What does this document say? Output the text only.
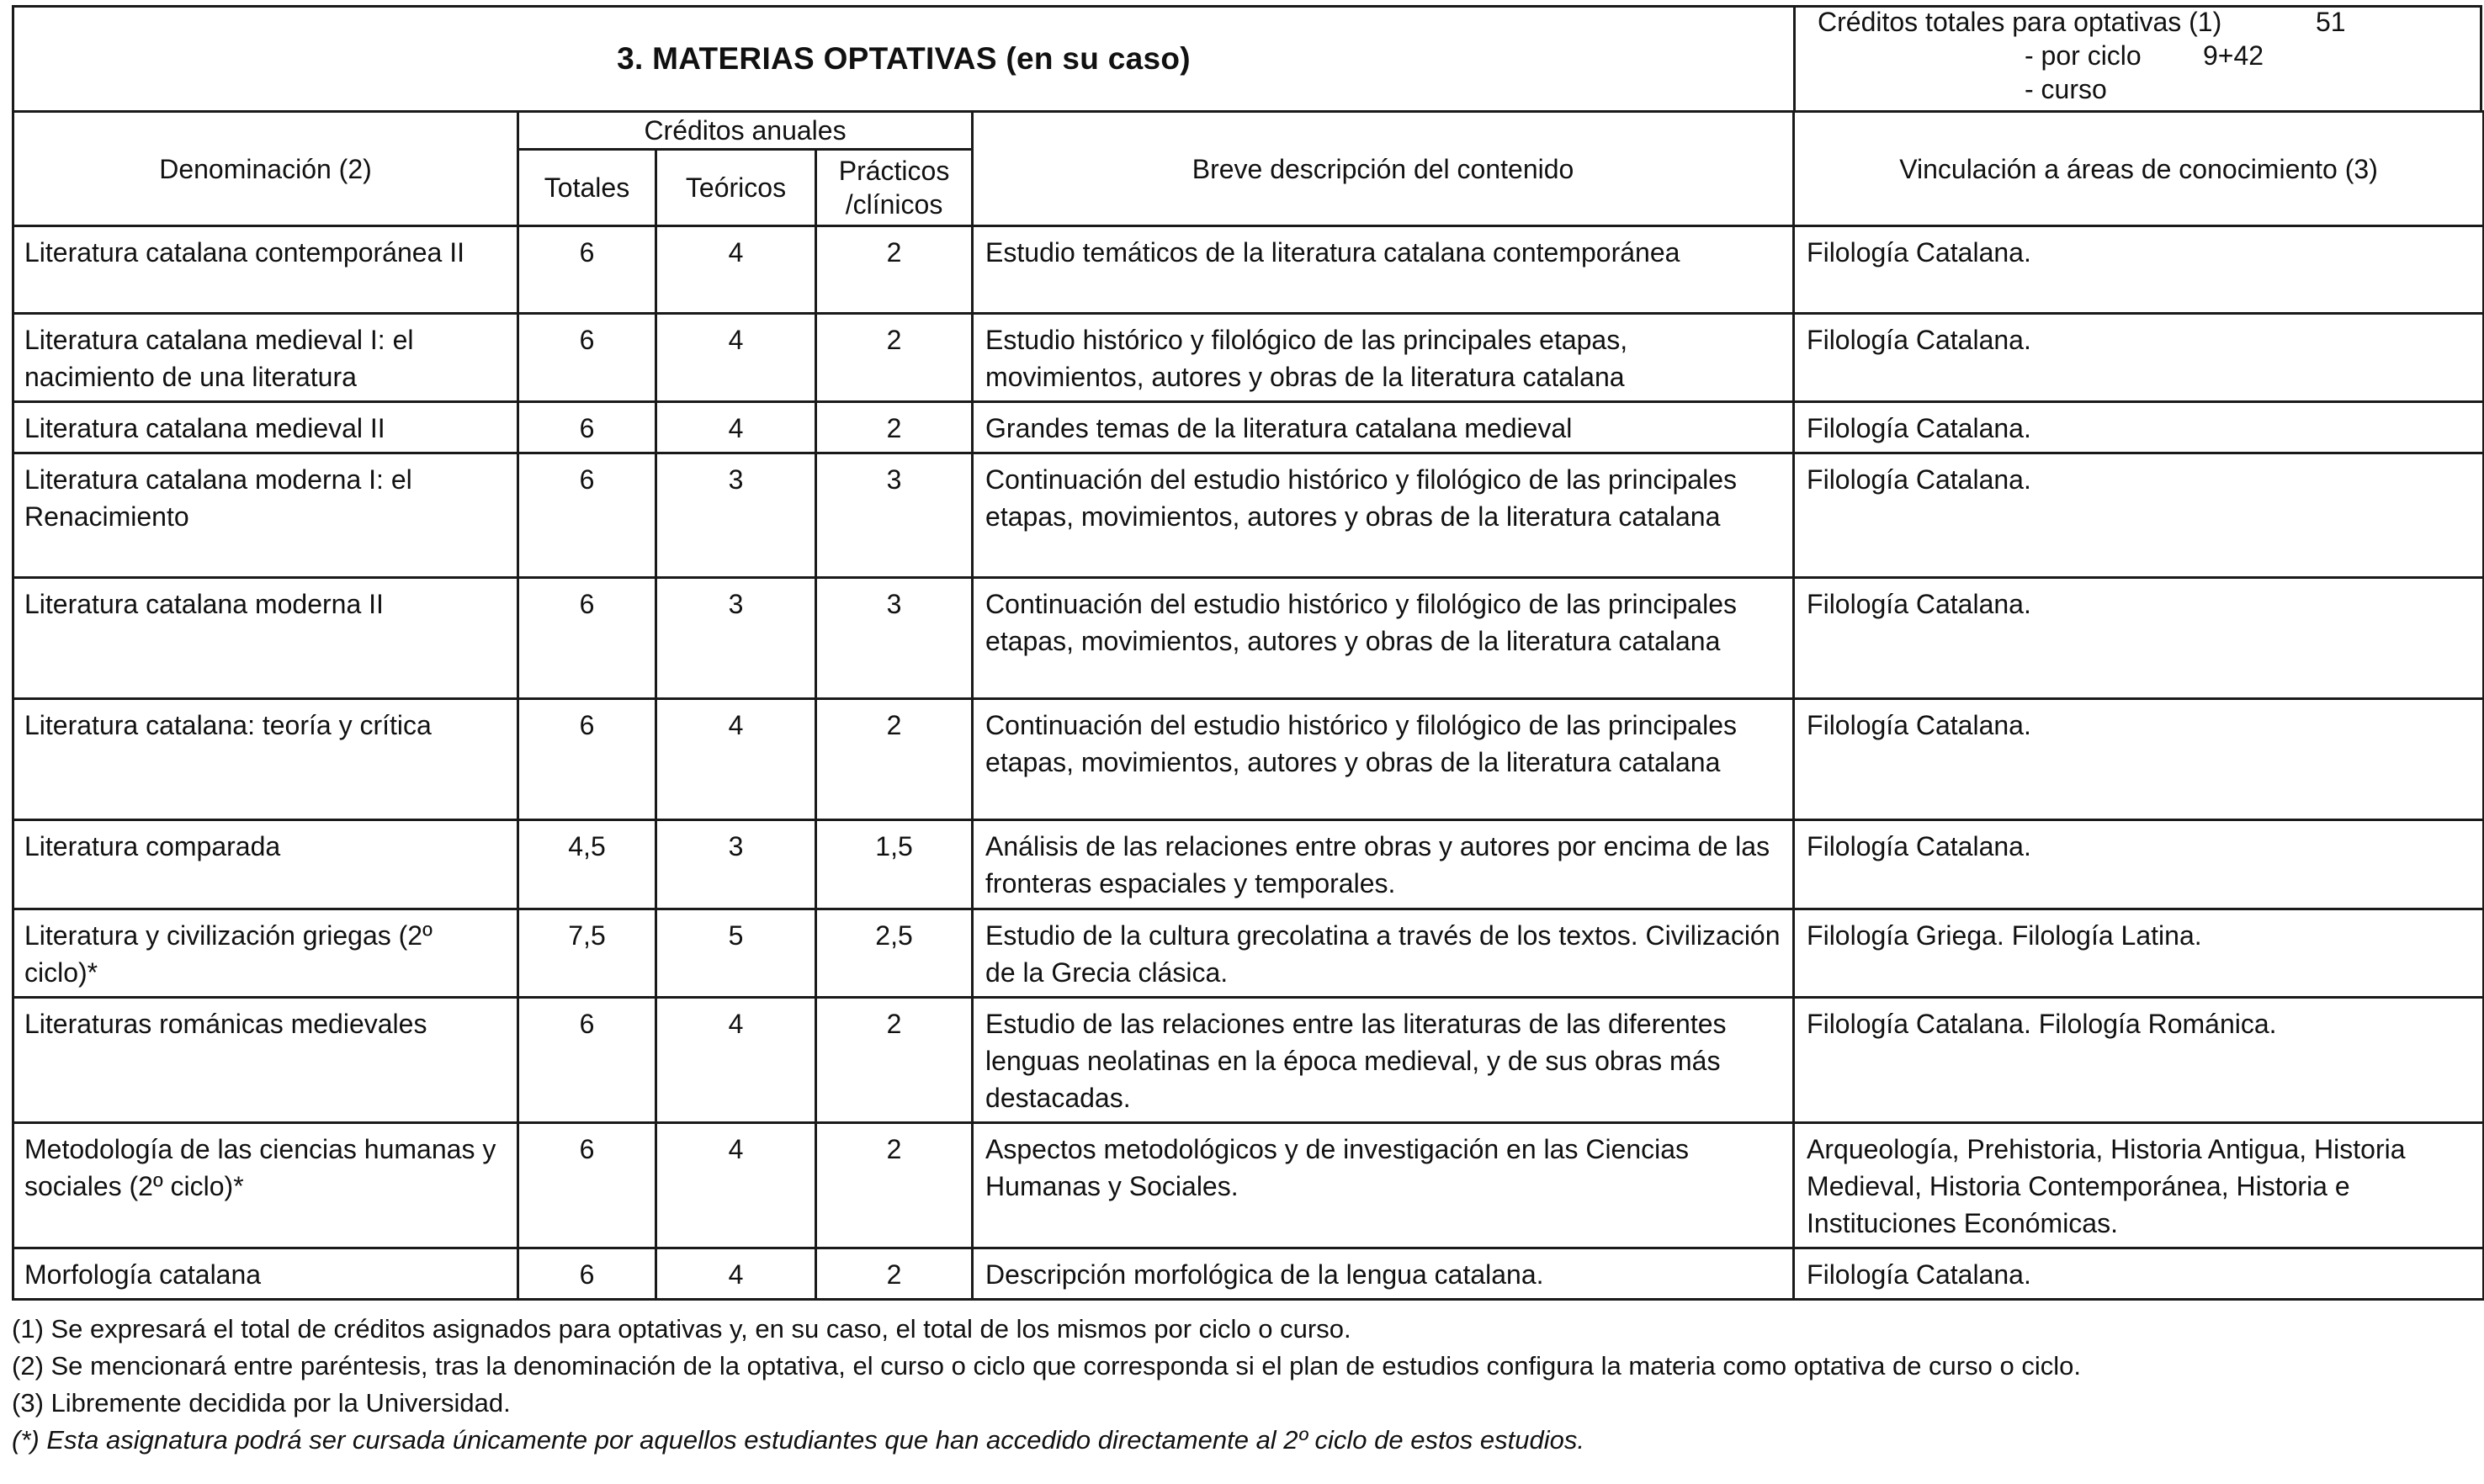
3. MATERIAS OPTATIVAS (en su caso)
Créditos totales para optativas (1)	51
- por ciclo 9+42
- curso
Denominación (2)	Créditos anuales			Breve descripción del contenido	Vinculación a áreas de conocimiento (3)
	Totales	Teóricos	Prácticos /clínicos		
Literatura catalana contemporánea II	6	4	2	Estudio temáticos de la literatura catalana contemporánea	Filología Catalana.
Literatura catalana medieval I: el nacimiento de una literatura	6	4	2	Estudio histórico y filológico de las principales etapas, movimientos, autores y obras de la literatura catalana	Filología Catalana.
Literatura catalana medieval II	6	4	2	Grandes temas de la literatura catalana medieval	Filología Catalana.
Literatura catalana moderna I: el Renacimiento	6	3	3	Continuación del estudio histórico y filológico de las principales etapas, movimientos, autores y obras de la literatura catalana	Filología Catalana.
Literatura catalana moderna II	6	3	3	Continuación del estudio histórico y filológico de las principales etapas, movimientos, autores y obras de la literatura catalana	Filología Catalana.
Literatura catalana: teoría y crítica	6	4	2	Continuación del estudio histórico y filológico de las principales etapas, movimientos, autores y obras de la literatura catalana	Filología Catalana.
Literatura comparada	4,5	3	1,5	Análisis de las relaciones entre obras y autores por encima de las fronteras espaciales y temporales.	Filología Catalana.
Literatura y civilización griegas (2º ciclo)*	7,5	5	2,5	Estudio de la cultura grecolatina a través de los textos. Civilización de la Grecia clásica.	Filología Griega. Filología Latina.
Literaturas románicas medievales	6	4	2	Estudio de las relaciones entre las literaturas de las diferentes lenguas neolatinas en la época medieval, y de sus obras más destacadas.	Filología Catalana. Filología Románica.
Metodología de las ciencias humanas y sociales (2º ciclo)*	6	4	2	Aspectos metodológicos y de investigación en las Ciencias Humanas y Sociales.	Arqueología, Prehistoria, Historia Antigua, Historia Medieval, Historia Contemporánea, Historia e Instituciones Económicas.
Morfología catalana	6	4	2	Descripción morfológica de la lengua catalana.	Filología Catalana.
(1) Se expresará el total de créditos asignados para optativas y, en su caso, el total de los mismos por ciclo o curso.
(2) Se mencionará entre paréntesis, tras la denominación de la optativa, el curso o ciclo que corresponda si el plan de estudios configura la materia como optativa de curso o ciclo.
(3) Libremente decidida por la Universidad.
(*) Esta asignatura podrá ser cursada únicamente por aquellos estudiantes que han accedido directamente al 2º ciclo de estos estudios.
